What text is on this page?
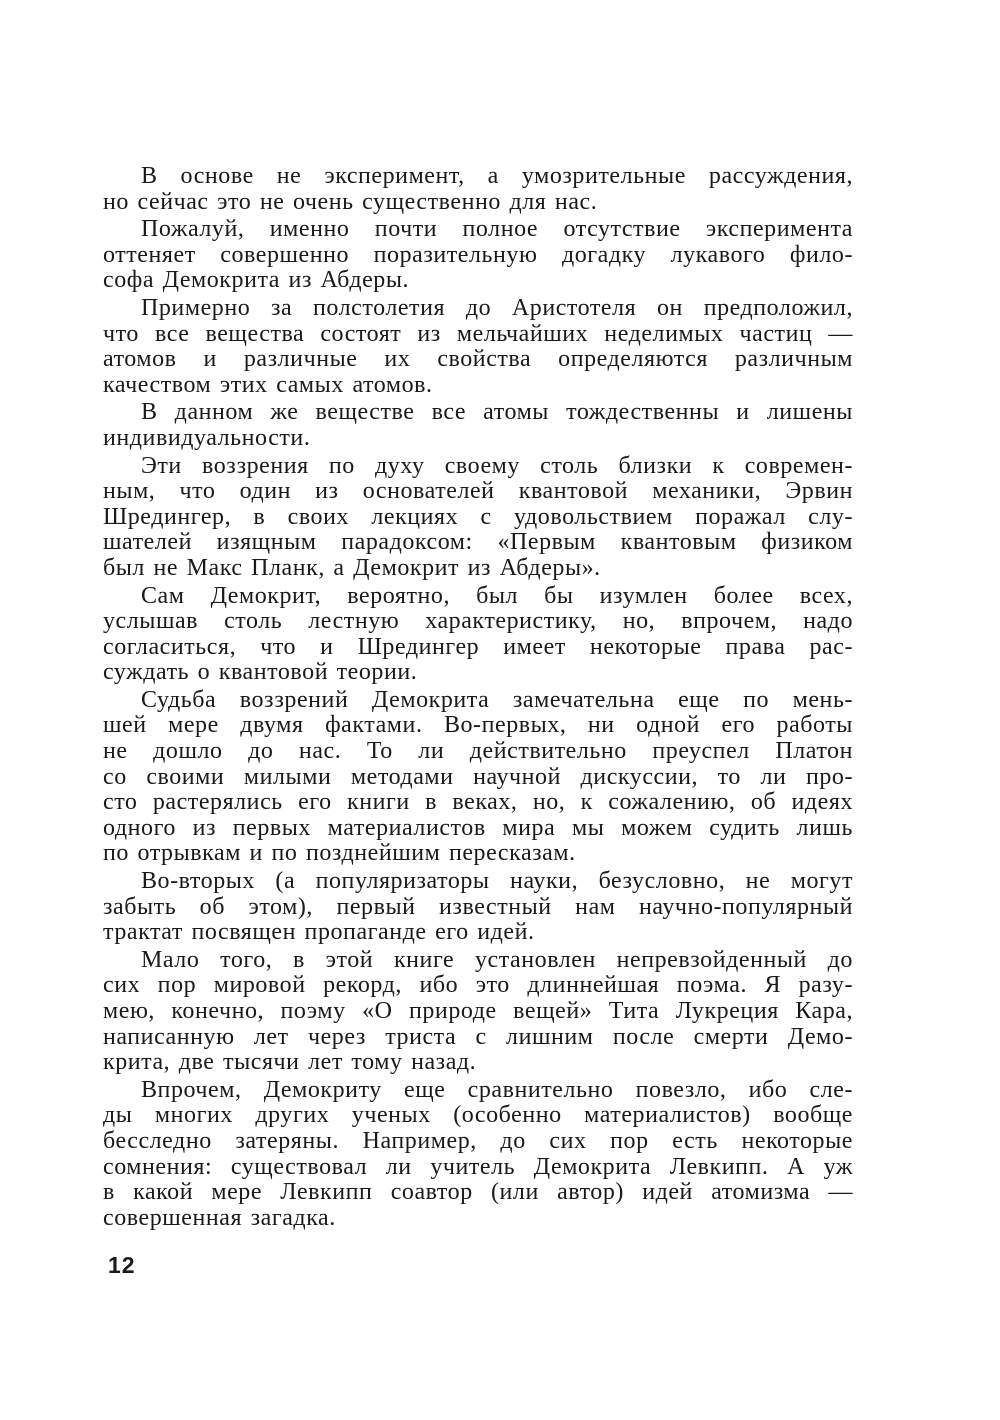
В основе не эксперимент, а умозрительные рассуждения,
но сейчас это не очень существенно для нас.
Пожалуй, именно почти полное отсутствие эксперимента
оттеняет совершенно поразительную догадку лукавого фило-
софа Демокрита из Абдеры.
Примерно за полстолетия до Аристотеля он предположил,
что все вещества состоят из мельчайших неделимых частиц —
атомов и различные их свойства определяются различным
качеством этих самых атомов.
В данном же веществе все атомы тождественны и лишены
индивидуальности.
Эти воззрения по духу своему столь близки к современ-
ным, что один из основателей квантовой механики, Эрвин
Шредингер, в своих лекциях с удовольствием поражал слу-
шателей изящным парадоксом: «Первым квантовым физиком
был не Макс Планк, а Демокрит из Абдеры».
Сам Демокрит, вероятно, был бы изумлен более всех,
услышав столь лестную характеристику, но, впрочем, надо
согласиться, что и Шредингер имеет некоторые права рас-
суждать о квантовой теории.
Судьба воззрений Демокрита замечательна еще по мень-
шей мере двумя фактами. Во-первых, ни одной его работы
не дошло до нас. То ли действительно преуспел Платон
со своими милыми методами научной дискуссии, то ли про-
сто растерялись его книги в веках, но, к сожалению, об идеях
одного из первых материалистов мира мы можем судить лишь
по отрывкам и по позднейшим пересказам.
Во-вторых (а популяризаторы науки, безусловно, не могут
забыть об этом), первый известный нам научно-популярный
трактат посвящен пропаганде его идей.
Мало того, в этой книге установлен непревзойденный до
сих пор мировой рекорд, ибо это длиннейшая поэма. Я разу-
мею, конечно, поэму «О природе вещей» Тита Лукреция Кара,
написанную лет через триста с лишним после смерти Демо-
крита, две тысячи лет тому назад.
Впрочем, Демокриту еще сравнительно повезло, ибо сле-
ды многих других ученых (особенно материалистов) вообще
бесследно затеряны. Например, до сих пор есть некоторые
сомнения: существовал ли учитель Демокрита Левкипп. А уж
в какой мере Левкипп соавтор (или автор) идей атомизма —
совершенная загадка.
12
